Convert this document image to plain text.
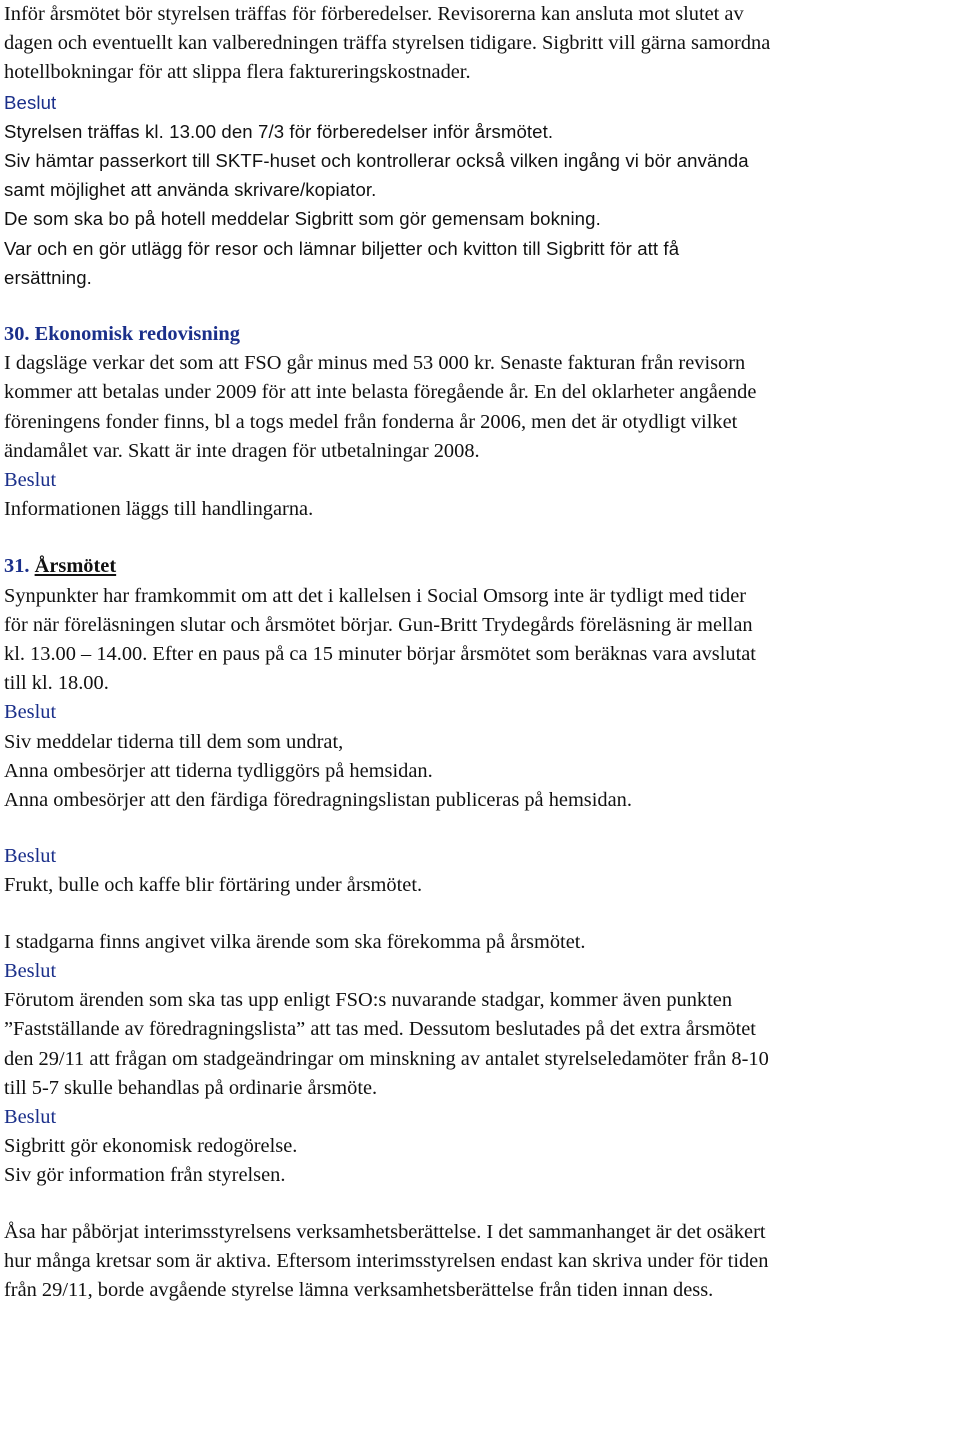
Inför årsmötet bör styrelsen träffas för förberedelser. Revisorerna kan ansluta mot slutet av
dagen och eventuellt kan valberedningen träffa styrelsen tidigare. Sigbritt vill gärna samordna
hotellbokningar för att slippa flera faktureringskostnader.
Beslut
Styrelsen träffas kl. 13.00 den 7/3 för förberedelser inför årsmötet.
Siv hämtar passerkort till SKTF-huset och kontrollerar också vilken ingång vi bör använda
samt möjlighet att använda skrivare/kopiator.
De som ska bo på hotell meddelar Sigbritt som gör gemensam bokning.
Var och en gör utlägg för resor och lämnar biljetter och kvitton till Sigbritt för att få
ersättning.
30. Ekonomisk redovisning
I dagsläge verkar det som att FSO går minus med 53 000 kr. Senaste fakturan från revisorn
kommer att betalas under 2009 för att inte belasta föregående år. En del oklarheter angående
föreningens fonder finns, bl a togs medel från fonderna år 2006, men det är otydligt vilket
ändamålet var. Skatt är inte dragen för utbetalningar 2008.
Beslut
Informationen läggs till handlingarna.
31. Årsmötet
Synpunkter har framkommit om att det i kallelsen i Social Omsorg inte är tydligt med tider
för när föreläsningen slutar och årsmötet börjar. Gun-Britt Trydegårds föreläsning är mellan
kl. 13.00 – 14.00. Efter en paus på ca 15 minuter börjar årsmötet som beräknas vara avslutat
till kl. 18.00.
Beslut
Siv meddelar tiderna till dem som undrat,
Anna ombesörjer att tiderna tydliggörs på hemsidan.
Anna ombesörjer att den färdiga föredragningslistan publiceras på hemsidan.
Beslut
Frukt, bulle och kaffe blir förtäring under årsmötet.
I stadgarna finns angivet vilka ärende som ska förekomma på årsmötet.
Beslut
Förutom ärenden som ska tas upp enligt FSO:s nuvarande stadgar, kommer även punkten
”Fastställande av föredragningslista” att tas med. Dessutom beslutades på det extra årsmötet
den 29/11 att frågan om stadgeändringar om minskning av antalet styrelseledamöter från 8-10
till 5-7 skulle behandlas på ordinarie årsmöte.
Beslut
Sigbritt gör ekonomisk redogörelse.
Siv gör information från styrelsen.
Åsa har påbörjat interimsstyrelsens verksamhetsberättelse. I det sammanhanget är det osäkert
hur många kretsar som är aktiva. Eftersom interimsstyrelsen endast kan skriva under för tiden
från 29/11, borde avgående styrelse lämna verksamhetsberättelse från tiden innan dess.
